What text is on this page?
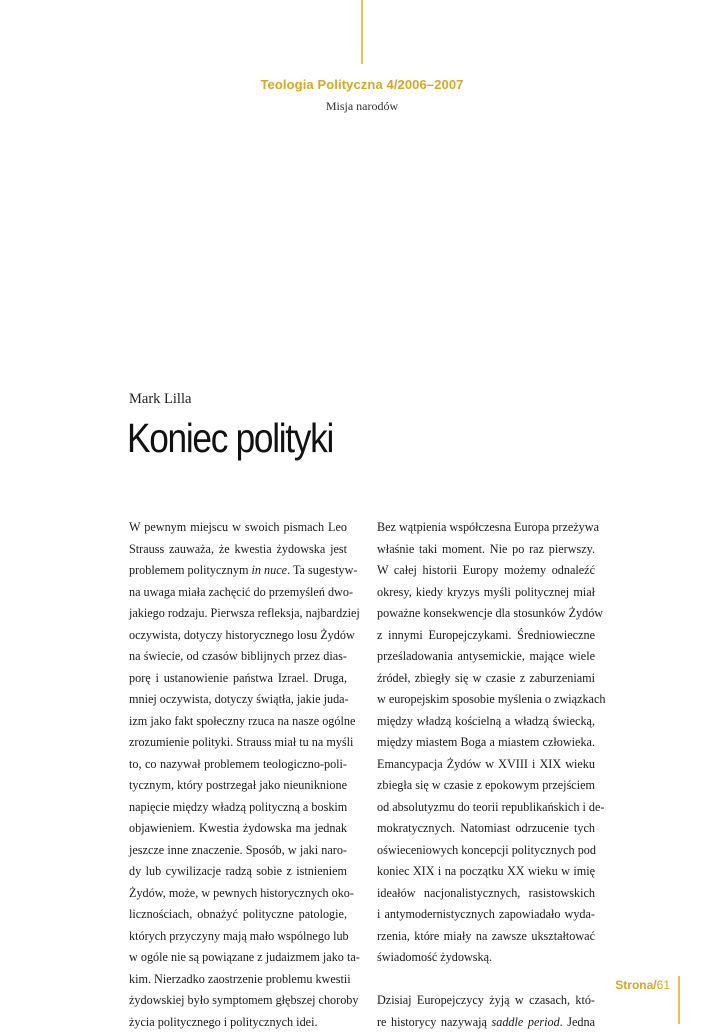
Teologia Polityczna 4/2006–2007
Misja narodów
Mark Lilla
Koniec polityki
W pewnym miejscu w swoich pismach Leo
Strauss zauważa, że kwestia żydowska jest
problemem politycznym in nuce. Ta sugestyw-
na uwaga miała zachęcić do przemyśleń dwo-
jakiego rodzaju. Pierwsza refleksja, najbardziej
oczywista, dotyczy historycznego losu Żydów
na świecie, od czasów biblijnych przez dias-
porę i ustanowienie państwa Izrael. Druga,
mniej oczywista, dotyczy świątła, jakie juda-
izm jako fakt społeczny rzuca na nasze ogólne
zrozumienie polityki. Strauss miał tu na myśli
to, co nazywał problemem teologiczno-poli-
tycznym, który postrzegał jako nieuniknione
napięcie między władzą polityczną a boskim
objawieniem. Kwestia żydowska ma jednak
jeszcze inne znaczenie. Sposób, w jaki naro-
dy lub cywilizacje radzą sobie z istnieniem
Żydów, może, w pewnych historycznych oko-
licznościach, obnażyć polityczne patologie,
których przyczyny mają mało wspólnego lub
w ogóle nie są powiązane z judaizmem jako ta-
kim. Nierzadko zaostrzenie problemu kwestii
żydowskiej było symptomem głębszej choroby
życia politycznego i politycznych idei.
Bez wątpienia współczesna Europa przeżywa
właśnie taki moment. Nie po raz pierwszy.
W całej historii Europy możemy odnaleźć
okresy, kiedy kryzys myśli politycznej miał
poważne konsekwencje dla stosunków Żydów
z innymi Europejczykami. Średniowieczne
prześladowania antysemickie, mające wiele
źródeł, zbiegły się w czasie z zaburzeniami
w europejskim sposobie myślenia o związkach
między władzą kościelną a władzą świecką,
między miastem Boga a miastem człowieka.
Emancypacja Żydów w XVIII i XIX wieku
zbiegła się w czasie z epokowym przejściem
od absolutyzmu do teorii republikańskich i de-
mokratycznych. Natomiast odrzucenie tych
oświeceniowych koncepcji politycznych pod
koniec XIX i na początku XX wieku w imię
ideałów nacjonalistycznych, rasistowskich
i antymodernistycznych zapowiadało wyda-
rzenia, które miały na zawsze ukształtować
świadomość żydowską.
Dzisiaj Europejczycy żyją w czasach, któ-
re historycy nazywają saddle period. Jedna
Strona/61
